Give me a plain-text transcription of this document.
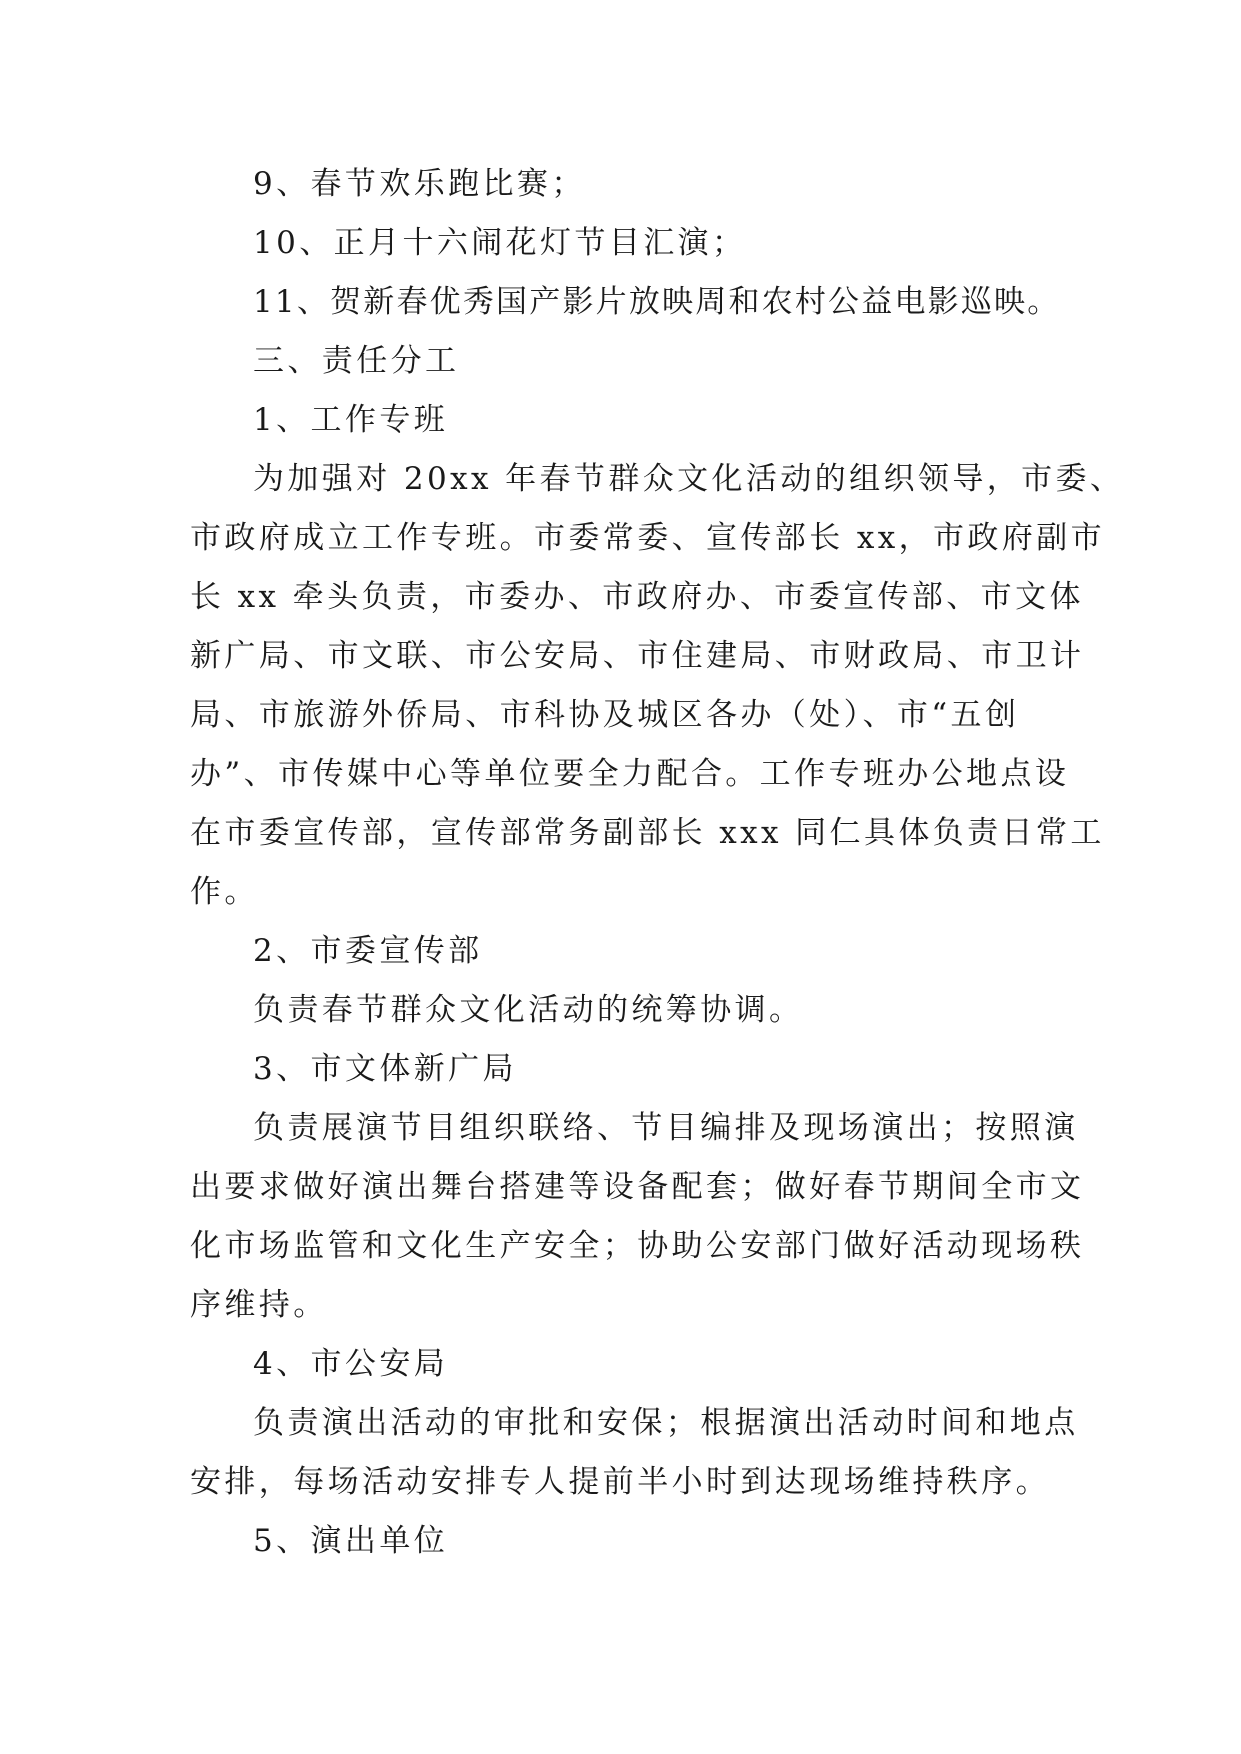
9、春节欢乐跑比赛；
10、正月十六闹花灯节目汇演；
11、贺新春优秀国产影片放映周和农村公益电影巡映。
三、责任分工
1、工作专班
为加强对 20xx 年春节群众文化活动的组织领导，市委、
市政府成立工作专班。市委常委、宣传部长 xx，市政府副市
长 xx 牵头负责，市委办、市政府办、市委宣传部、市文体
新广局、市文联、市公安局、市住建局、市财政局、市卫计
局、市旅游外侨局、市科协及城区各办（处）、市“五创
办”、市传媒中心等单位要全力配合。工作专班办公地点设
在市委宣传部，宣传部常务副部长 xxx 同仁具体负责日常工
作。
2、市委宣传部
负责春节群众文化活动的统筹协调。
3、市文体新广局
负责展演节目组织联络、节目编排及现场演出；按照演
出要求做好演出舞台搭建等设备配套；做好春节期间全市文
化市场监管和文化生产安全；协助公安部门做好活动现场秩
序维持。
4、市公安局
负责演出活动的审批和安保；根据演出活动时间和地点
安排，每场活动安排专人提前半小时到达现场维持秩序。
5、演出单位
